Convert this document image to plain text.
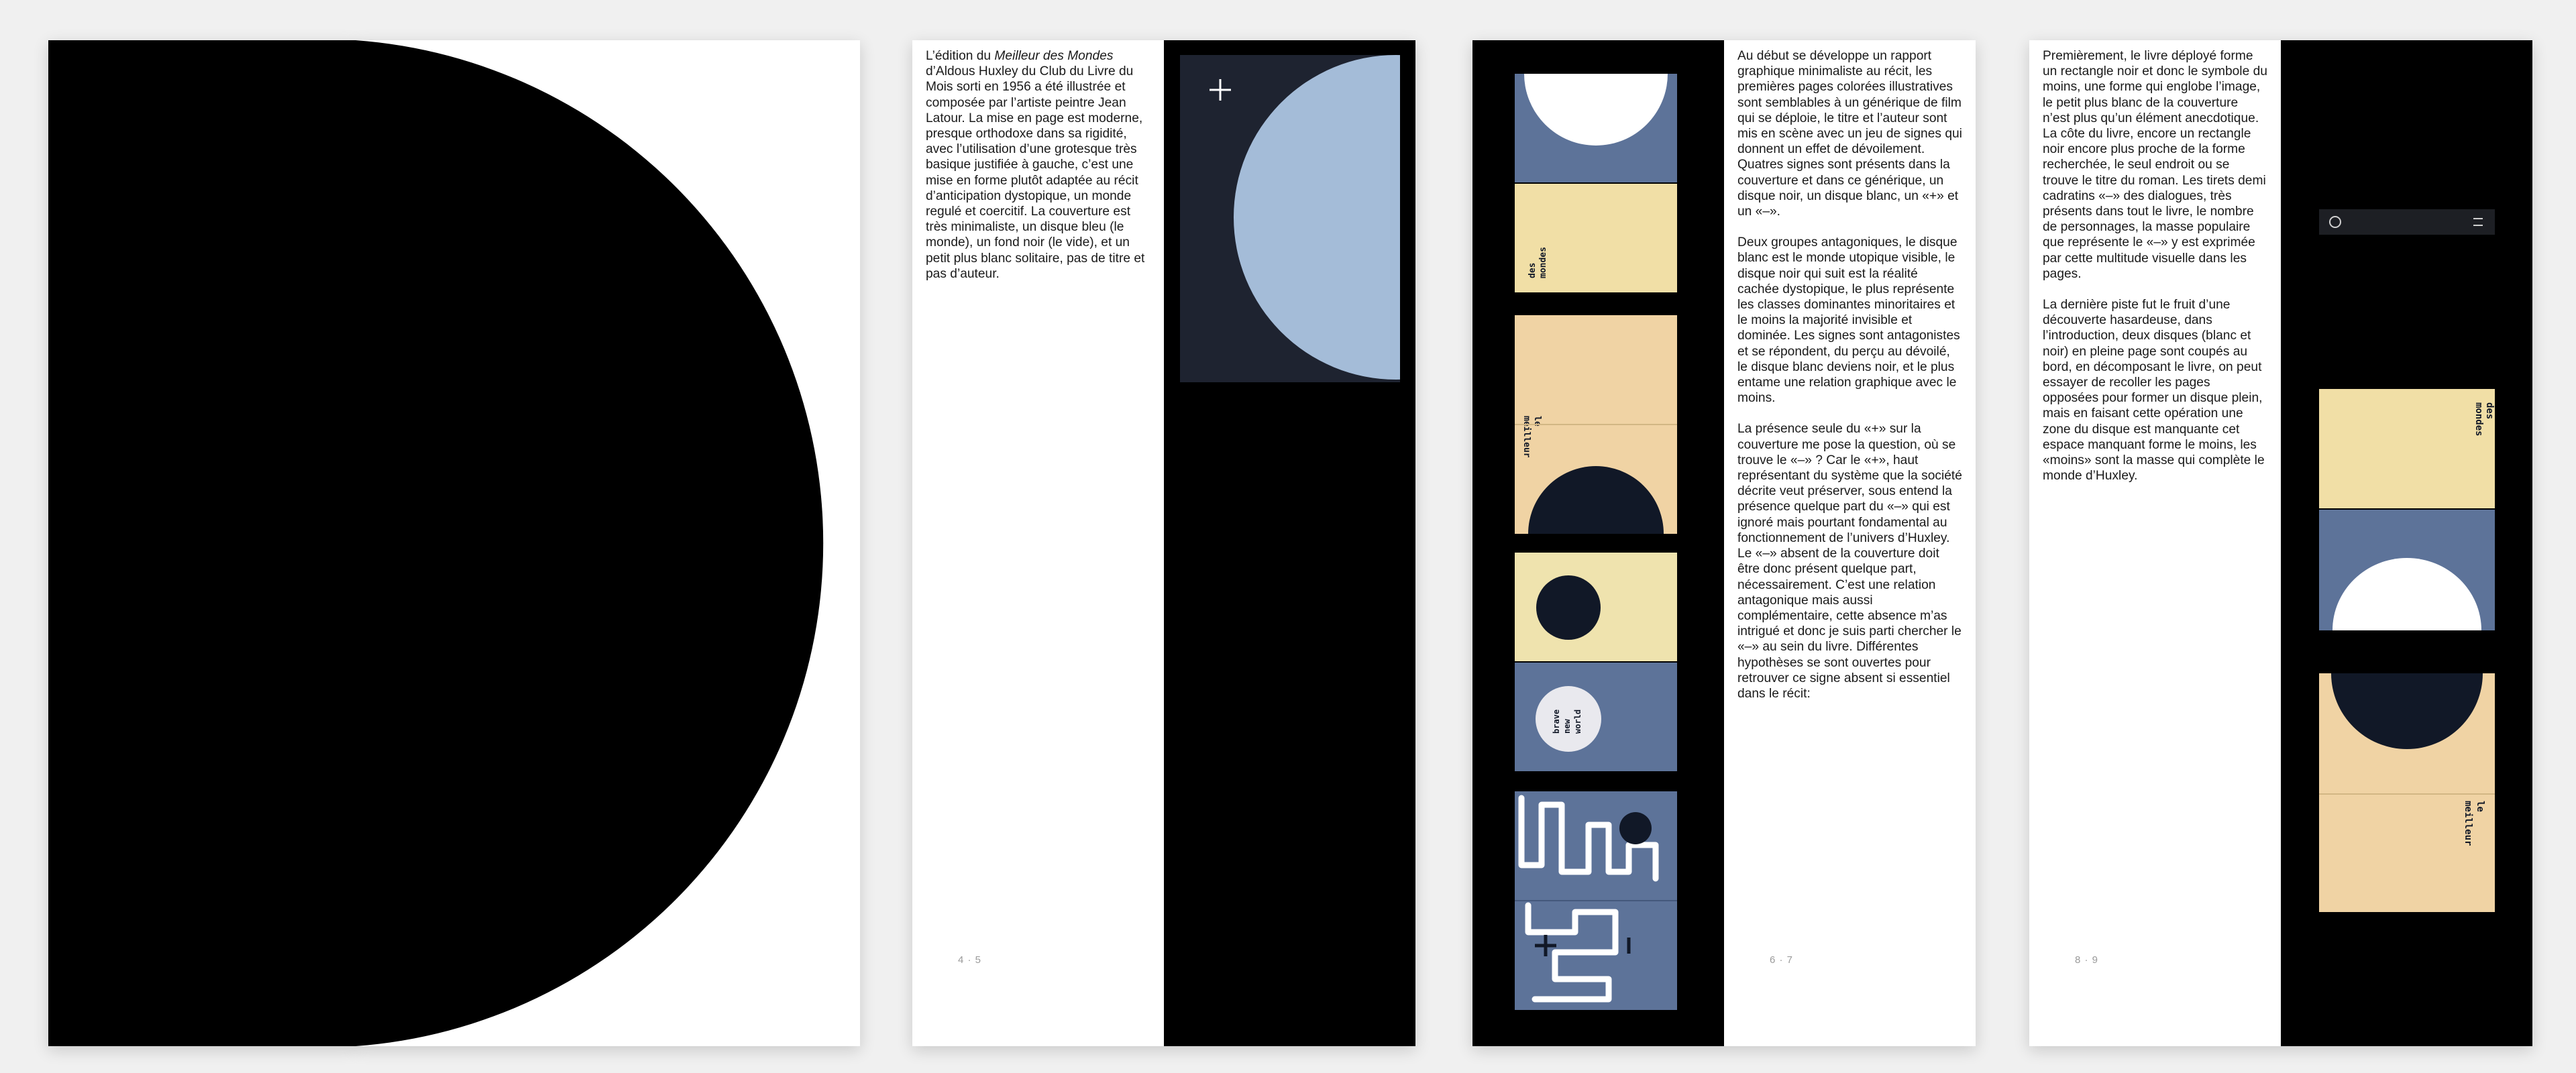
L’édition du Meilleur des Mondes d’Aldous Huxley du Club du Livre du Mois sorti en 1956 a été illustrée et composée par l’artiste peintre Jean Latour. La mise en page est moderne, presque orthodoxe dans sa rigidité, avec l’utilisation d’une grotesque très basique justifiée à gauche, c’est une mise en forme plutôt adaptée au récit d’anticipation dystopique, un monde regulé et coercitif. La couverture est très minimaliste, un disque bleu (le monde), un fond noir (le vide), et un petit plus blanc solitaire, pas de titre et pas d’auteur.
4 · 5
des mondes
le
meilleur
brave new world

Au début se développe un rapport graphique minimaliste au récit, les premières pages colorées illustratives sont semblables à un générique de film qui se déploie, le titre et l’auteur sont mis en scène avec un jeu de signes qui donnent un effet de dévoilement. Quatres signes sont présents dans la couverture et dans ce générique, un disque noir, un disque blanc, un «+» et un «–».

Deux groupes antagoniques, le disque blanc est le monde utopique visible, le disque noir qui suit est la réalité cachée dystopique, le plus représente les classes dominantes minoritaires et le moins la majorité invisible et dominée. Les signes sont antagonistes et se répondent, du perçu au dévoilé, le disque blanc deviens noir, et le plus entame une relation graphique avec le moins.

La présence seule du «+» sur la couverture me pose la question, où se trouve le «–» ? Car le «+», haut représentant du système que la société décrite veut préserver, sous entend la présence quelque part du «–» qui est ignoré mais pourtant fondamental au fonctionnement de l’univers d’Huxley. Le «–» absent de la couverture doit être donc présent quelque part, nécessairement. C’est une relation antagonique mais aussi complémentaire, cette absence m’as intrigué et donc je suis parti chercher le «–» au sein du livre. Différentes hypothèses se sont ouvertes pour retrouver ce signe absent si essentiel dans le récit:

6 · 7

Premièrement, le livre déployé forme un rectangle noir et donc le symbole du moins, une forme qui englobe l’image, le petit plus blanc de la couverture n’est plus qu’un élément anecdotique. La côte du livre, encore un rectangle noir encore plus proche de la forme recherchée, le seul endroit ou se trouve le titre du roman. Les tirets demi cadratins «–» des dialogues, très présents dans tout le livre, le nombre de personnages, la masse populaire que représente le «–» y est exprimée par cette multitude visuelle dans les pages.

La dernière piste fut le fruit d’une découverte hasardeuse, dans l’introduction, deux disques (blanc et noir) en pleine page sont coupés au bord, en décomposant le livre, on peut essayer de recoller les pages opposées pour former un disque plein, mais en faisant cette opération une zone du disque est manquante cet espace manquant forme le moins, les «moins» sont la masse qui complète le monde d’Huxley.

8 · 9
des
mondes
le
meilleur
